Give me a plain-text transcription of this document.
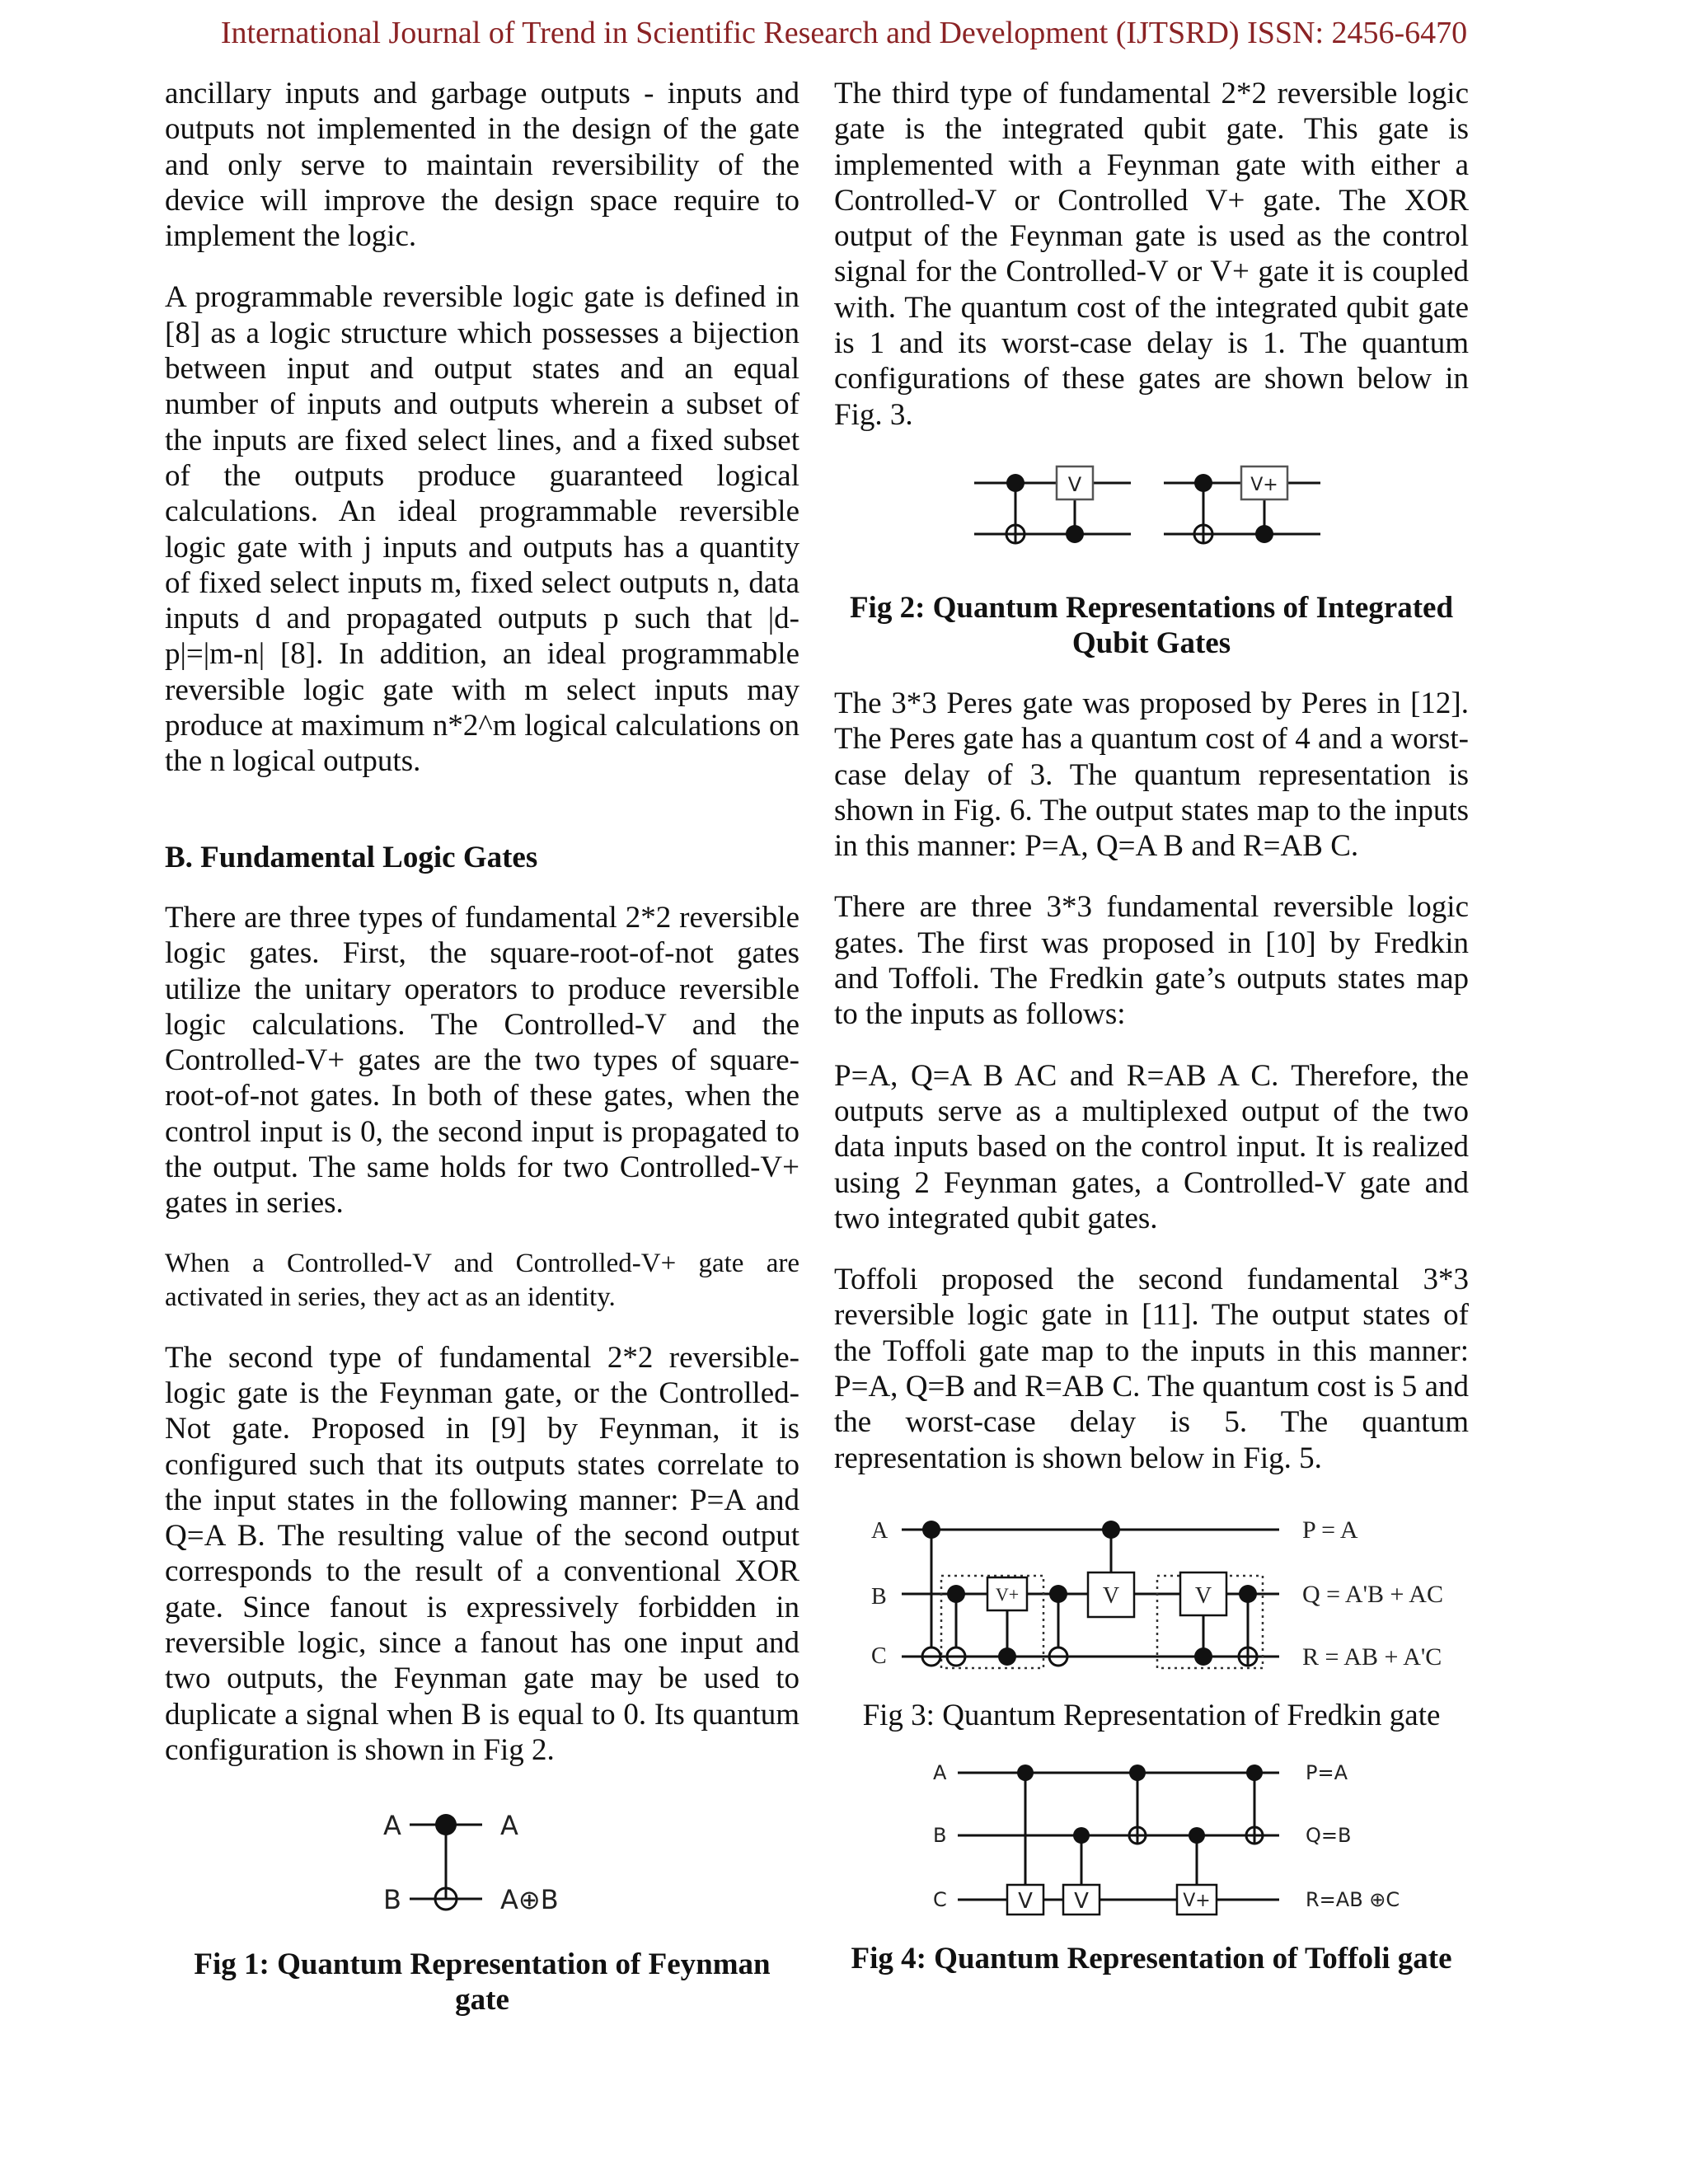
International Journal of Trend in Scientific Research and Development (IJTSRD) ISSN: 2456-6470

ancillary inputs and garbage outputs - inputs and outputs not implemented in the design of the gate and only serve to maintain reversibility of the device will improve the design space require to implement the logic.

A programmable reversible logic gate is defined in [8] as a logic structure which possesses a bijection between input and output states and an equal number of inputs and outputs wherein a subset of the inputs are fixed select lines, and a fixed subset of the outputs produce guaranteed logical calculations. An ideal programmable reversible logic gate with j inputs and outputs has a quantity of fixed select inputs m, fixed select outputs n, data inputs d and propagated outputs p such that |d-p|=|m-n| [8]. In addition, an ideal programmable reversible logic gate with m select inputs may produce at maximum n*2^m logical calculations on the n logical outputs.

B. Fundamental Logic Gates

There are three types of fundamental 2*2 reversible logic gates. First, the square-root-of-not gates utilize the unitary operators to produce reversible logic calculations. The Controlled-V and the Controlled-V+ gates are the two types of square-root-of-not gates. In both of these gates, when the control input is 0, the second input is propagated to the output. The same holds for two Controlled-V+ gates in series.

When a Controlled-V and Controlled-V+ gate are activated in series, they act as an identity.

The second type of fundamental 2*2 reversible-logic gate is the Feynman gate, or the Controlled-Not gate. Proposed in [9] by Feynman, it is configured such that its outputs states correlate to the input states in the following manner: P=A and Q=A B. The resulting value of the second output corresponds to the result of a conventional XOR gate. Since fanout is expressively forbidden in reversible logic, since a fanout has one input and two outputs, the Feynman gate may be used to duplicate a signal when B is equal to 0. Its quantum configuration is shown in Fig 2.

A
B
A
A⊕B
Fig 1: Quantum Representation of Feynman gate

The third type of fundamental 2*2 reversible logic gate is the integrated qubit gate. This gate is implemented with a Feynman gate with either a Controlled-V or Controlled V+ gate. The XOR output of the Feynman gate is used as the control signal for the Controlled-V or V+ gate it is coupled with. The quantum cost of the integrated qubit gate is 1 and its worst-case delay is 1. The quantum configurations of these gates are shown below in Fig. 3.

V	V+
Fig 2: Quantum Representations of Integrated Qubit Gates

The 3*3 Peres gate was proposed by Peres in [12]. The Peres gate has a quantum cost of 4 and a worst-case delay of 3. The quantum representation is shown in Fig. 6. The output states map to the inputs in this manner: P=A, Q=A B and R=AB C.

There are three 3*3 fundamental reversible logic gates. The first was proposed in [10] by Fredkin and Toffoli. The Fredkin gate’s outputs states map to the inputs as follows:

P=A, Q=A B AC and R=AB A C. Therefore, the outputs serve as a multiplexed output of the two data inputs based on the control input. It is realized using 2 Feynman gates, a Controlled-V gate and two integrated qubit gates.

Toffoli proposed the second fundamental 3*3 reversible logic gate in [11]. The output states of the Toffoli gate map to the inputs in this manner: P=A, Q=B and R=AB C. The quantum cost is 5 and the worst-case delay is 5. The quantum representation is shown below in Fig. 5.

A
B
C
V+	V	V
P = A
Q = A'B + AC
R = AB + A'C
Fig 3: Quantum Representation of Fredkin gate
A
B
C	V V	V+
P=A
Q=B
R=AB ⊕C
Fig 4: Quantum Representation of Toffoli gate
